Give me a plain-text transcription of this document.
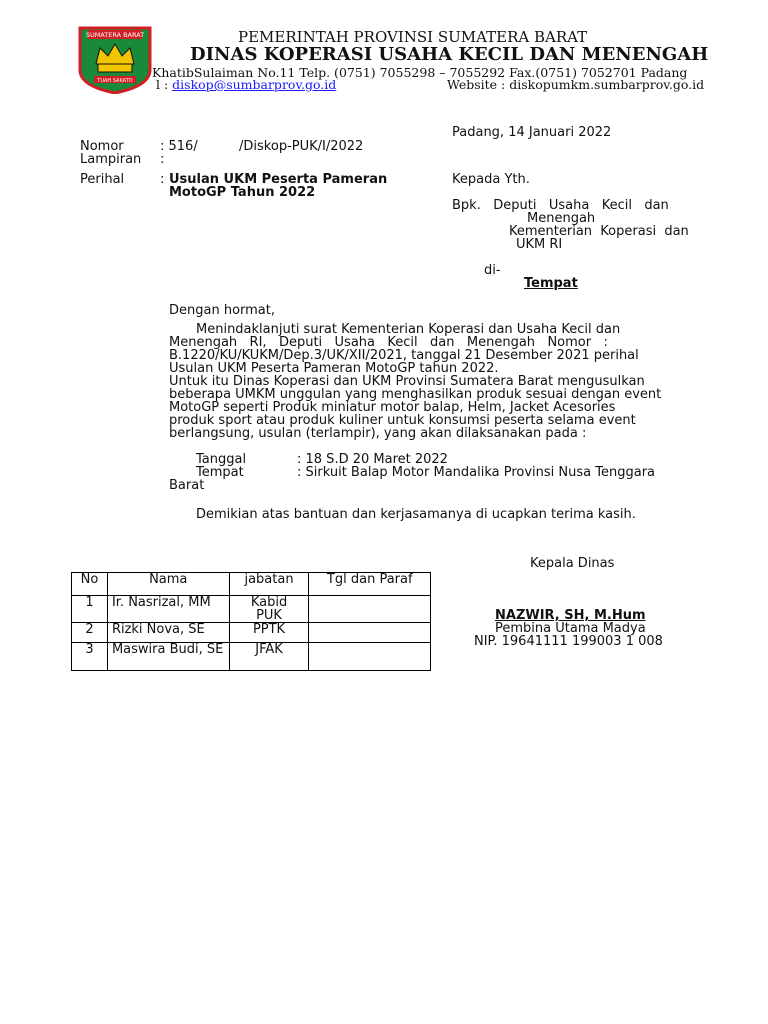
SUMATERA BARAT
TUAH SAKATO
PEMERINTAH PROVINSI SUMATERA BARAT
DINAS KOPERASI USAHA KECIL DAN MENENGAH
KhatibSulaiman No.11 Telp. (0751) 7055298 – 7055292 Fax.(0751) 7052701 Padang
l : diskop@sumbarprov.go.id	Website : diskopumkm.sumbarprov.go.id
Padang, 14 Januari 2022
Nomor	: 516/          /Diskop-PUK/I/2022
Lampiran :
Perihal	: Usulan UKM Peserta Pameran
MotoGP Tahun 2022
Kepada Yth.
Bpk.   Deputi   Usaha   Kecil   dan
Menengah
Kementerian  Koperasi  dan
UKM RI
di-
Tempat
Dengan hormat,
Menindaklanjuti surat Kementerian Koperasi dan Usaha Kecil dan
Menengah   RI,   Deputi   Usaha   Kecil   dan   Menengah   Nomor   :
B.1220/KU/KUKM/Dep.3/UK/XII/2021, tanggal 21 Desember 2021 perihal
Usulan UKM Peserta Pameran MotoGP tahun 2022.
Untuk itu Dinas Koperasi dan UKM Provinsi Sumatera Barat mengusulkan
beberapa UMKM unggulan yang menghasilkan produk sesuai dengan event
MotoGP seperti Produk miniatur motor balap, Helm, Jacket Acesories
produk sport atau produk kuliner untuk konsumsi peserta selama event
berlangsung, usulan (terlampir), yang akan dilaksanakan pada :
Tanggal	: 18 S.D 20 Maret 2022
Tempat	: Sirkuit Balap Motor Mandalika Provinsi Nusa Tenggara
Barat
Demikian atas bantuan dan kerjasamanya di ucapkan terima kasih.
Kepala Dinas
NAZWIR, SH, M.Hum
Pembina Utama Madya
NIP. 19641111 199003 1 008
No	Nama	jabatan	Tgl dan Paraf
1	Ir. Nasrizal, MM	Kabid PUK	
2	Rizki Nova, SE	PPTK	
3	Maswira Budi, SE	JFAK	
